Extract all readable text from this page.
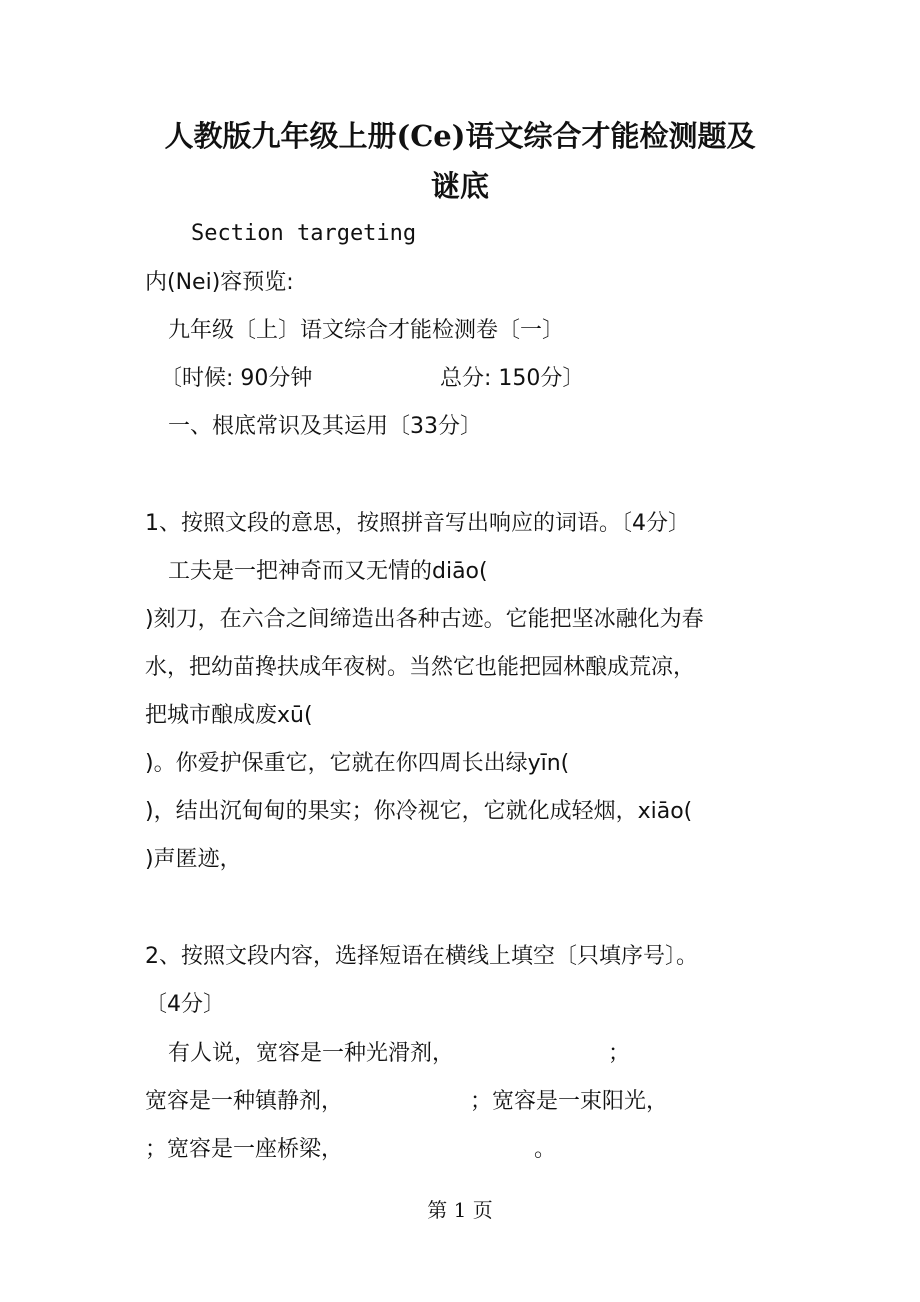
人教版九年级上册(Ce)语文综合才能检测题及
谜底
Section targeting
内(Nei)容预览:
九年级〔上〕语文综合才能检测卷〔一〕
〔时候: 90分钟	总分: 150分〕
一、根底常识及其运用〔33分〕
1、按照文段的意思，按照拼音写出响应的词语。〔4分〕
工夫是一把神奇而又无情的diāo(
)刻刀，在六合之间缔造出各种古迹。它能把坚冰融化为春
水，把幼苗搀扶成年夜树。当然它也能把园林酿成荒凉，
把城市酿成废xū(
)。你爱护保重它，它就在你四周长出绿yīn(
)，结出沉甸甸的果实；你冷视它，它就化成轻烟，xiāo(
)声匿迹，
2、按照文段内容，选择短语在横线上填空〔只填序号〕。
〔4分〕
有人说，宽容是一种光滑剂，	；
宽容是一种镇静剂，	；宽容是一束阳光，
；宽容是一座桥梁，	。
第 1 页
